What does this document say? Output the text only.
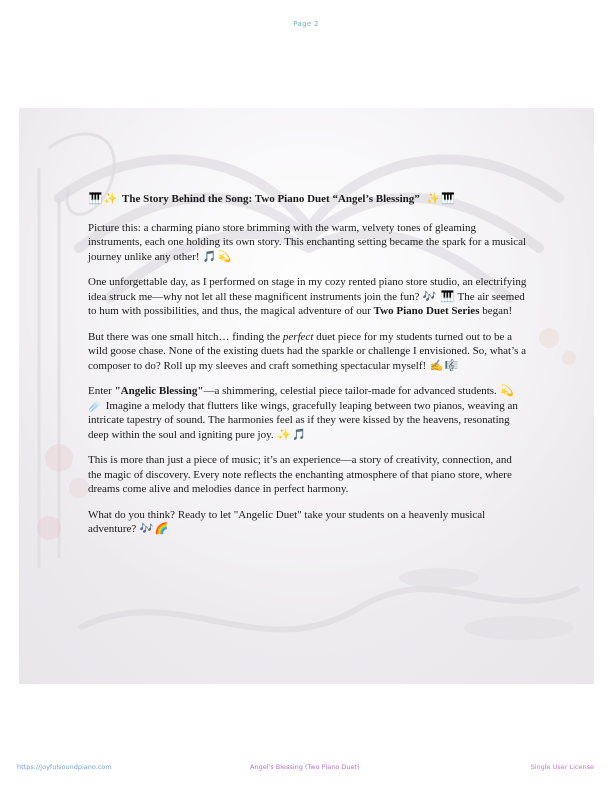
Page 2
🎹 ✨ The Story Behind the Song: Two Piano Duet “Angel’s Blessing” ✨ 🎹

Picture this: a charming piano store brimming with the warm, velvety tones of gleaming instruments, each one holding its own story. This enchanting setting became the spark for a musical journey unlike any other! 🎵💫

One unforgettable day, as I performed on stage in my cozy rented piano store studio, an electrifying idea struck me—why not let all these magnificent instruments join the fun? 🎶 🎹 The air seemed to hum with possibilities, and thus, the magical adventure of our Two Piano Duet Series began!

But there was one small hitch… finding the perfect duet piece for my students turned out to be a wild goose chase. None of the existing duets had the sparkle or challenge I envisioned. So, what’s a composer to do? Roll up my sleeves and craft something spectacular myself! ✍️🎼

Enter "Angelic Blessing"—a shimmering, celestial piece tailor-made for advanced students. 💫☄️ Imagine a melody that flutters like wings, gracefully leaping between two pianos, weaving an intricate tapestry of sound. The harmonies feel as if they were kissed by the heavens, resonating deep within the soul and igniting pure joy. ✨🎵

This is more than just a piece of music; it’s an experience—a story of creativity, connection, and the magic of discovery. Every note reflects the enchanting atmosphere of that piano store, where dreams come alive and melodies dance in perfect harmony.

What do you think? Ready to let "Angelic Duet" take your students on a heavenly musical adventure? 🎶🌈

https://joyfulsoundpiano.com	Angel's Blessing (Two Piano Duet)	Single User License
